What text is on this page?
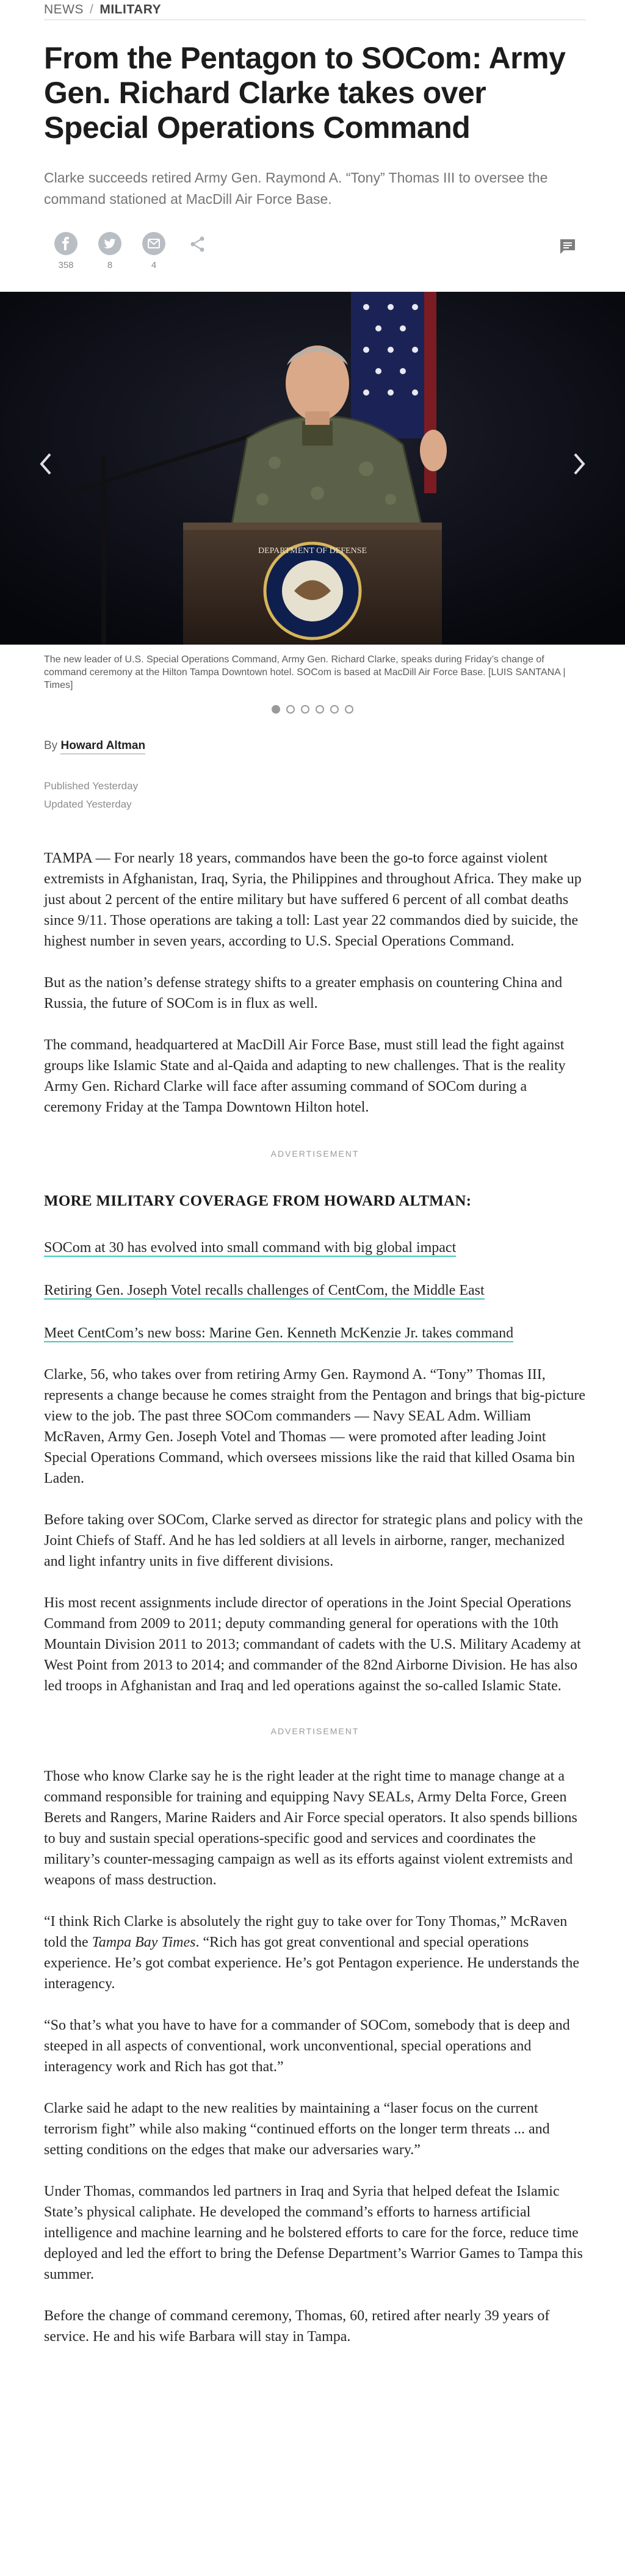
NEWS / MILITARY
From the Pentagon to SOCom: Army Gen. Richard Clarke takes over Special Operations Command
Clarke succeeds retired Army Gen. Raymond A. “Tony” Thomas III to oversee the command stationed at MacDill Air Force Base.
358	8	4
DEPARTMENT OF DEFENSE
The new leader of U.S. Special Operations Command, Army Gen. Richard Clarke, speaks during Friday’s change of command ceremony at the Hilton Tampa Downtown hotel. SOCom is based at MacDill Air Force Base. [LUIS SANTANA | Times]
By Howard Altman
Published Yesterday
Updated Yesterday

TAMPA — For nearly 18 years, commandos have been the go-to force against violent extremists in Afghanistan, Iraq, Syria, the Philippines and throughout Africa. They make up just about 2 percent of the entire military but have suffered 6 percent of all combat deaths since 9/11. Those operations are taking a toll: Last year 22 commandos died by suicide, the highest number in seven years, according to U.S. Special Operations Command.

But as the nation’s defense strategy shifts to a greater emphasis on countering China and Russia, the future of SOCom is in flux as well.

The command, headquartered at MacDill Air Force Base, must still lead the fight against groups like Islamic State and al-Qaida and adapting to new challenges. That is the reality Army Gen. Richard Clarke will face after assuming command of SOCom during a ceremony Friday at the Tampa Downtown Hilton hotel.

ADVERTISEMENT
MORE MILITARY COVERAGE FROM HOWARD ALTMAN:
SOCom at 30 has evolved into small command with big global impact
Retiring Gen. Joseph Votel recalls challenges of CentCom, the Middle East
Meet CentCom’s new boss: Marine Gen. Kenneth McKenzie Jr. takes command

Clarke, 56, who takes over from retiring Army Gen. Raymond A. “Tony” Thomas III, represents a change because he comes straight from the Pentagon and brings that big-picture view to the job. The past three SOCom commanders — Navy SEAL Adm. William McRaven, Army Gen. Joseph Votel and Thomas — were promoted after leading Joint Special Operations Command, which oversees missions like the raid that killed Osama bin Laden.

Before taking over SOCom, Clarke served as director for strategic plans and policy with the Joint Chiefs of Staff. And he has led soldiers at all levels in airborne, ranger, mechanized and light infantry units in five different divisions.

His most recent assignments include director of operations in the Joint Special Operations Command from 2009 to 2011; deputy commanding general for operations with the 10th Mountain Division 2011 to 2013; commandant of cadets with the U.S. Military Academy at West Point from 2013 to 2014; and commander of the 82nd Airborne Division. He has also led troops in Afghanistan and Iraq and led operations against the so-called Islamic State.

ADVERTISEMENT

Those who know Clarke say he is the right leader at the right time to manage change at a command responsible for training and equipping Navy SEALs, Army Delta Force, Green Berets and Rangers, Marine Raiders and Air Force special operators. It also spends billions to buy and sustain special operations-specific good and services and coordinates the military’s counter-messaging campaign as well as its efforts against violent extremists and weapons of mass destruction.

“I think Rich Clarke is absolutely the right guy to take over for Tony Thomas,” McRaven told the Tampa Bay Times. “Rich has got great conventional and special operations experience. He’s got combat experience. He’s got Pentagon experience. He understands the interagency.

“So that’s what you have to have for a commander of SOCom, somebody that is deep and steeped in all aspects of conventional, work unconventional, special operations and interagency work and Rich has got that.”

Clarke said he adapt to the new realities by maintaining a “laser focus on the current terrorism fight” while also making “continued efforts on the longer term threats ... and setting conditions on the edges that make our adversaries wary.”

Under Thomas, commandos led partners in Iraq and Syria that helped defeat the Islamic State’s physical caliphate. He developed the command’s efforts to harness artificial intelligence and machine learning and he bolstered efforts to care for the force, reduce time deployed and led the effort to bring the Defense Department’s Warrior Games to Tampa this summer.

Before the change of command ceremony, Thomas, 60, retired after nearly 39 years of service. He and his wife Barbara will stay in Tampa.
